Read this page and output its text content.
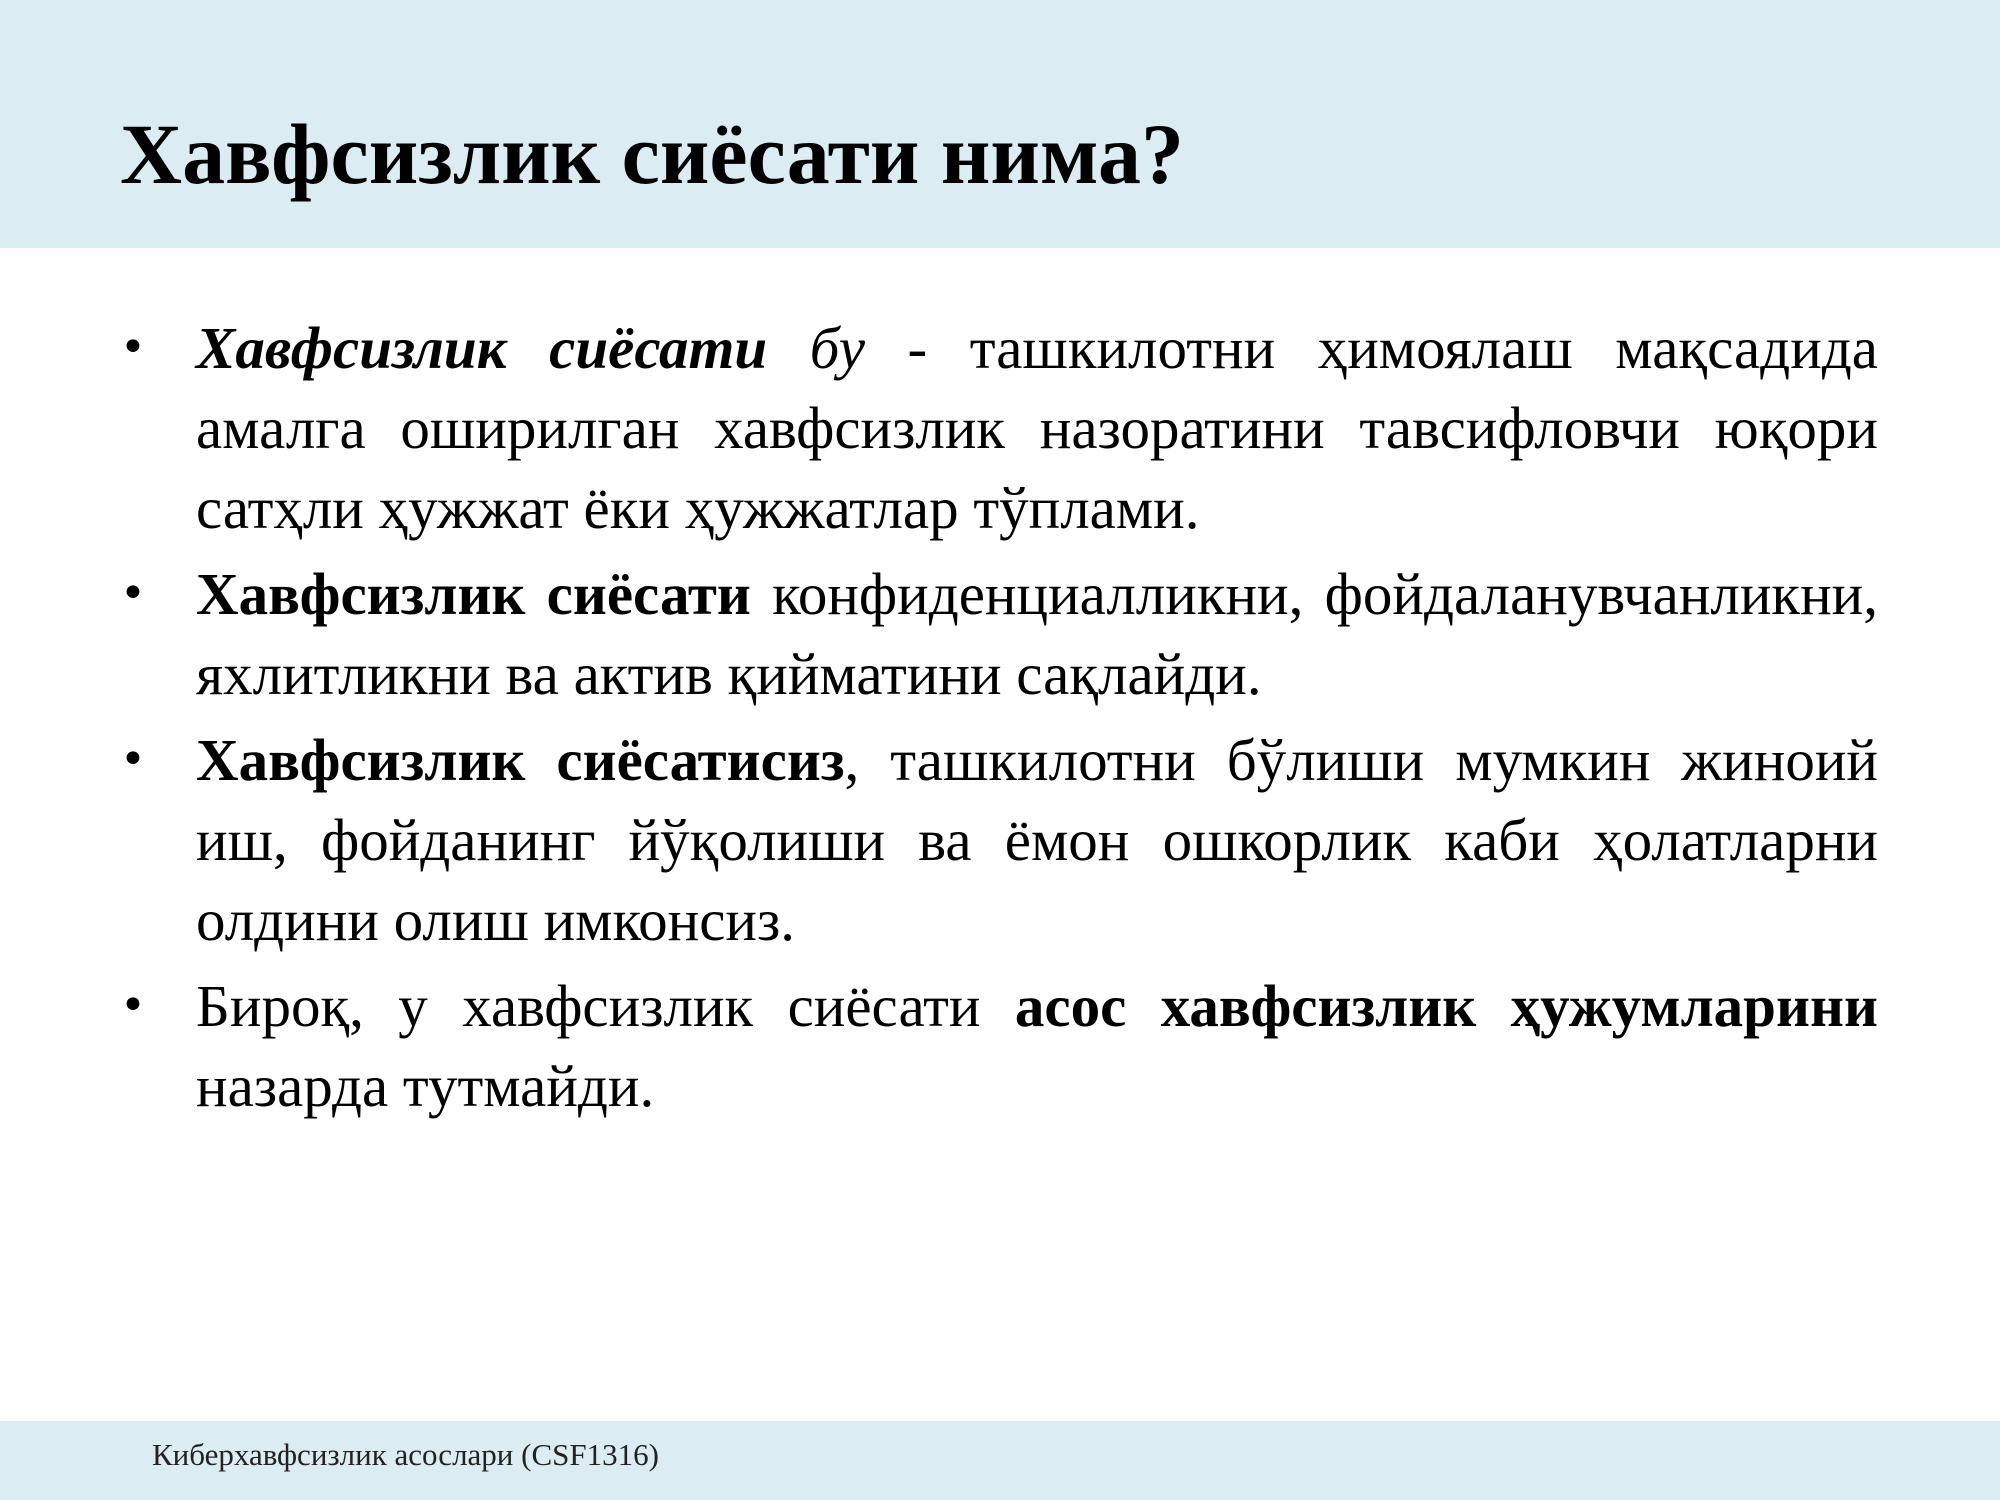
Хавфсизлик сиёсати нима?
• Хавфсизлик сиёсати бу - ташкилотни ҳимоялаш мақсадида амалга оширилган хавфсизлик назоратини тавсифловчи юқори сатҳли ҳужжат ёки ҳужжатлар тўплами.
• Хавфсизлик сиёсати конфиденциалликни, фойдаланувчанликни, яхлитликни ва актив қийматини сақлайди.
• Хавфсизлик сиёсатисиз, ташкилотни бўлиши мумкин жиноий иш, фойданинг йўқолиши ва ёмон ошкорлик каби ҳолатларни олдини олиш имконсиз.
• Бироқ, у хавфсизлик сиёсати асос хавфсизлик ҳужумларини назарда тутмайди.

Киберхавфсизлик асослари (CSF1316)
